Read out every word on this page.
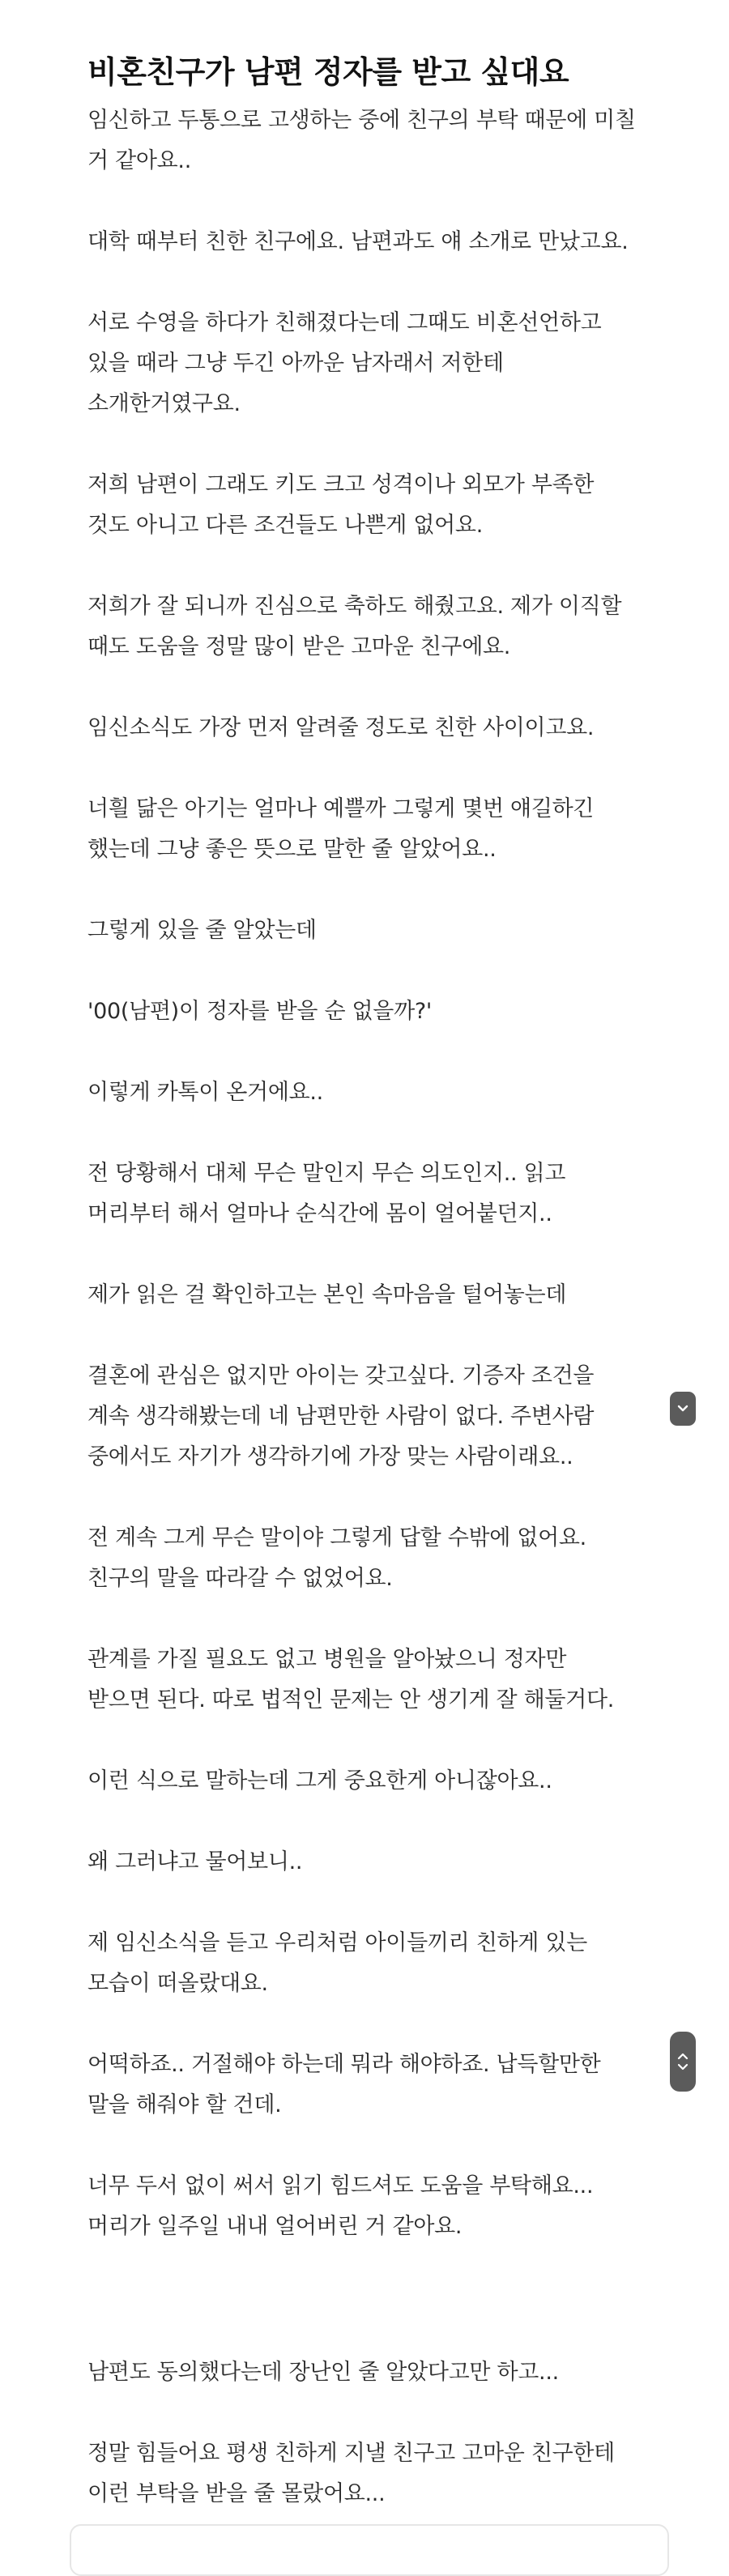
비혼친구가 남편 정자를 받고 싶대요
임신하고 두통으로 고생하는 중에 친구의 부탁 때문에 미칠
거 같아요..
대학 때부터 친한 친구에요. 남편과도 얘 소개로 만났고요.
서로 수영을 하다가 친해졌다는데 그때도 비혼선언하고
있을 때라 그냥 두긴 아까운 남자래서 저한테
소개한거였구요.
저희 남편이 그래도 키도 크고 성격이나 외모가 부족한
것도 아니고 다른 조건들도 나쁜게 없어요.
저희가 잘 되니까 진심으로 축하도 해줬고요. 제가 이직할
때도 도움을 정말 많이 받은 고마운 친구에요.
임신소식도 가장 먼저 알려줄 정도로 친한 사이이고요.
너흴 닮은 아기는 얼마나 예쁠까 그렇게 몇번 얘길하긴
했는데 그냥 좋은 뜻으로 말한 줄 알았어요..
그렇게 있을 줄 알았는데
'00(남편)이 정자를 받을 순 없을까?'
이렇게 카톡이 온거에요..
전 당황해서 대체 무슨 말인지 무슨 의도인지.. 읽고
머리부터 해서 얼마나 순식간에 몸이 얼어붙던지..
제가 읽은 걸 확인하고는 본인 속마음을 털어놓는데
결혼에 관심은 없지만 아이는 갖고싶다. 기증자 조건을
계속 생각해봤는데 네 남편만한 사람이 없다. 주변사람
중에서도 자기가 생각하기에 가장 맞는 사람이래요..
전 계속 그게 무슨 말이야 그렇게 답할 수밖에 없어요.
친구의 말을 따라갈 수 없었어요.
관계를 가질 필요도 없고 병원을 알아놨으니 정자만
받으면 된다. 따로 법적인 문제는 안 생기게 잘 해둘거다.
이런 식으로 말하는데 그게 중요한게 아니잖아요..
왜 그러냐고 물어보니..
제 임신소식을 듣고 우리처럼 아이들끼리 친하게 있는
모습이 떠올랐대요.
어떡하죠.. 거절해야 하는데 뭐라 해야하죠. 납득할만한
말을 해줘야 할 건데.
너무 두서 없이 써서 읽기 힘드셔도 도움을 부탁해요...
머리가 일주일 내내 얼어버린 거 같아요.
남편도 동의했다는데 장난인 줄 알았다고만 하고...
정말 힘들어요 평생 친하게 지낼 친구고 고마운 친구한테
이런 부탁을 받을 줄 몰랐어요...
